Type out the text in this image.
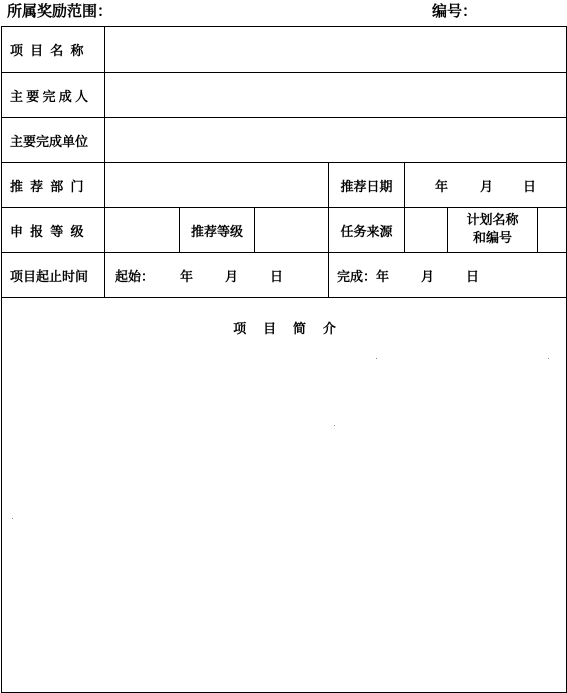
所属奖励范围：	编号：
项目名称							
主要完成人							
主要完成单位							
推荐部门				推荐日期	年 月 日		

申报等级		推荐等级		任务来源		计划名称和编号	
项目起止时间	起始： 年 月 日			完成： 年 月 日			

项目简介							
